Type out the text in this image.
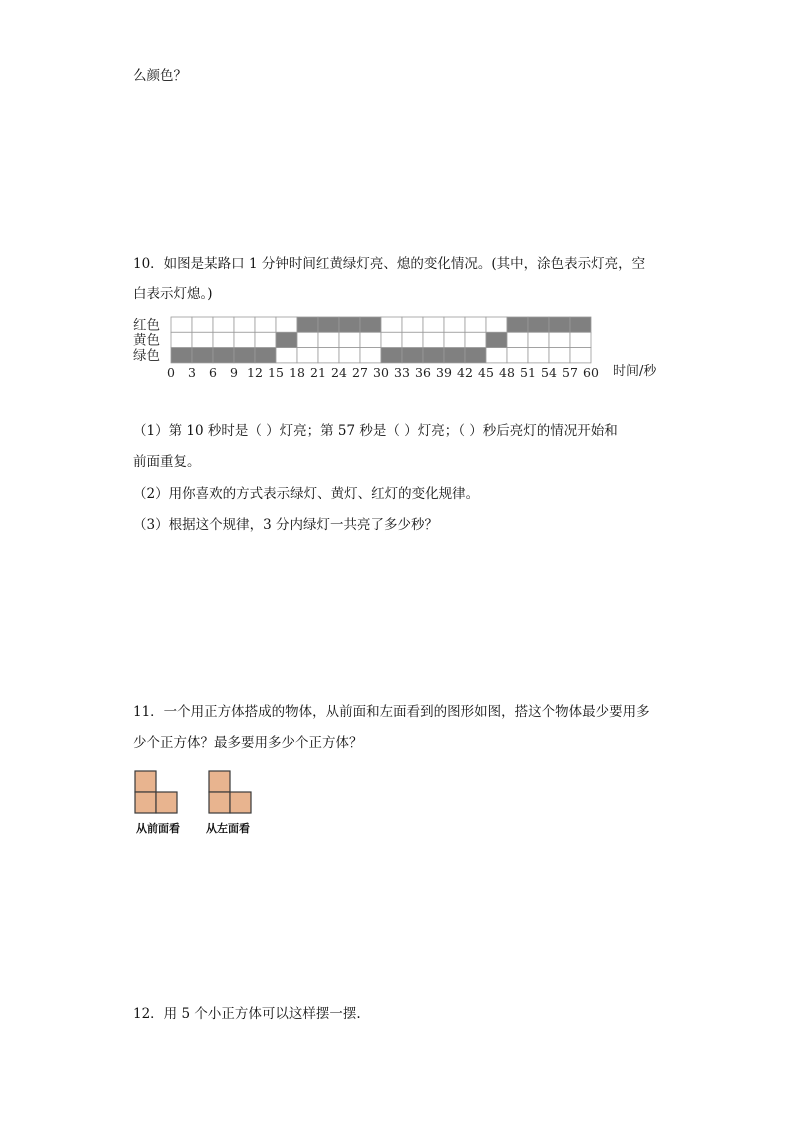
么颜色？
10．如图是某路口 1 分钟时间红黄绿灯亮、熄的变化情况。(其中，涂色表示灯亮，空
白表示灯熄。)
红色
黄色
绿色
0 3 6 9 12 15 18 21 24 27 30 33 36 39 42 45 48 51 54 57 60 时间/秒
（1）第 10 秒时是（ ）灯亮；第 57 秒是（ ）灯亮；（ ）秒后亮灯的情况开始和
前面重复。
（2）用你喜欢的方式表示绿灯、黄灯、红灯的变化规律。
（3）根据这个规律，3 分内绿灯一共亮了多少秒？
11．一个用正方体搭成的物体，从前面和左面看到的图形如图，搭这个物体最少要用多
少个正方体？最多要用多少个正方体？
从前面看 从左面看
12．用 5 个小正方体可以这样摆一摆.
